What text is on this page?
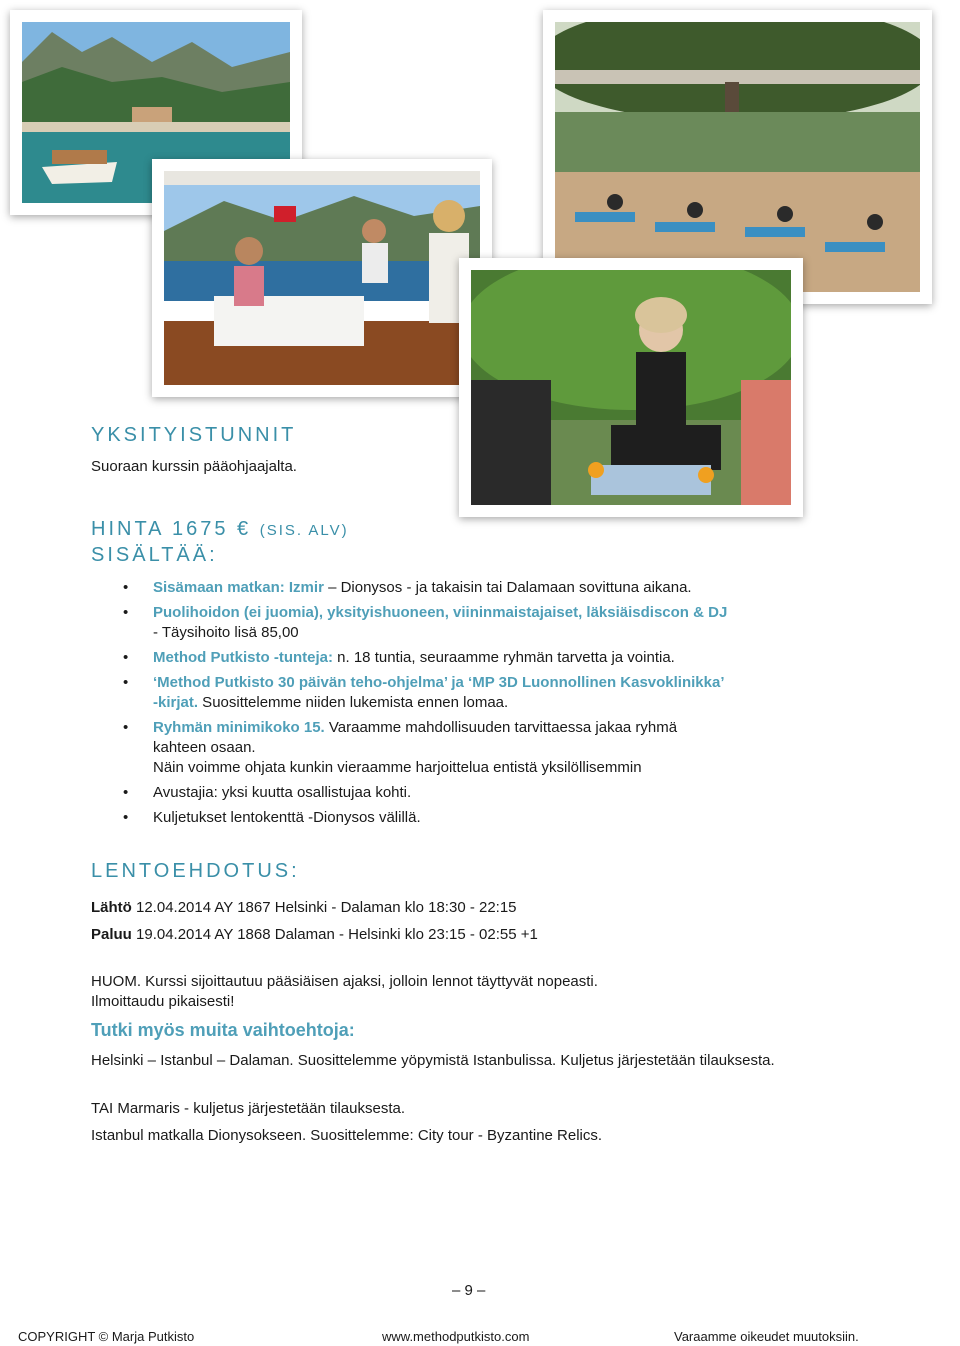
YKSITYISTUNNIT
Suoraan kurssin pääohjaajalta.
HINTA 1675 € (SIS. ALV)
SISÄLTÄÄ:
• Sisämaan matkan: Izmir – Dionysos - ja takaisin tai Dalamaan sovittuna aikana.
• Puolihoidon (ei juomia), yksityishuoneen, viininmaistajaiset, läksiäisdiscon & DJ
- Täysihoito lisä 85,00
• Method Putkisto -tunteja: n. 18 tuntia, seuraamme ryhmän tarvetta ja vointia.
• ‘Method Putkisto 30 päivän teho-ohjelma’ ja ‘MP 3D Luonnollinen Kasvoklinikka’
-kirjat. Suosittelemme niiden lukemista ennen lomaa.
• Ryhmän minimikoko 15. Varaamme mahdollisuuden tarvittaessa jakaa ryhmä
kahteen osaan.
Näin voimme ohjata kunkin vieraamme harjoittelua entistä yksilöllisemmin
• Avustajia: yksi kuutta osallistujaa kohti.
• Kuljetukset lentokenttä -Dionysos välillä.
LENTOEHDOTUS:
Lähtö 12.04.2014 AY 1867 Helsinki - Dalaman klo 18:30 - 22:15
Paluu 19.04.2014 AY 1868 Dalaman - Helsinki klo 23:15 - 02:55 +1
HUOM. Kurssi sijoittautuu pääsiäisen ajaksi, jolloin lennot täyttyvät nopeasti.
Ilmoittaudu pikaisesti!
Tutki myös muita vaihtoehtoja:
Helsinki – Istanbul – Dalaman. Suosittelemme yöpymistä Istanbulissa. Kuljetus järjestetään tilauksesta.
TAI Marmaris - kuljetus järjestetään tilauksesta.
Istanbul matkalla Dionysokseen. Suosittelemme: City tour - Byzantine Relics.
– 9 –
COPYRIGHT © Marja Putkisto	www.methodputkisto.com	Varaamme oikeudet muutoksiin.
